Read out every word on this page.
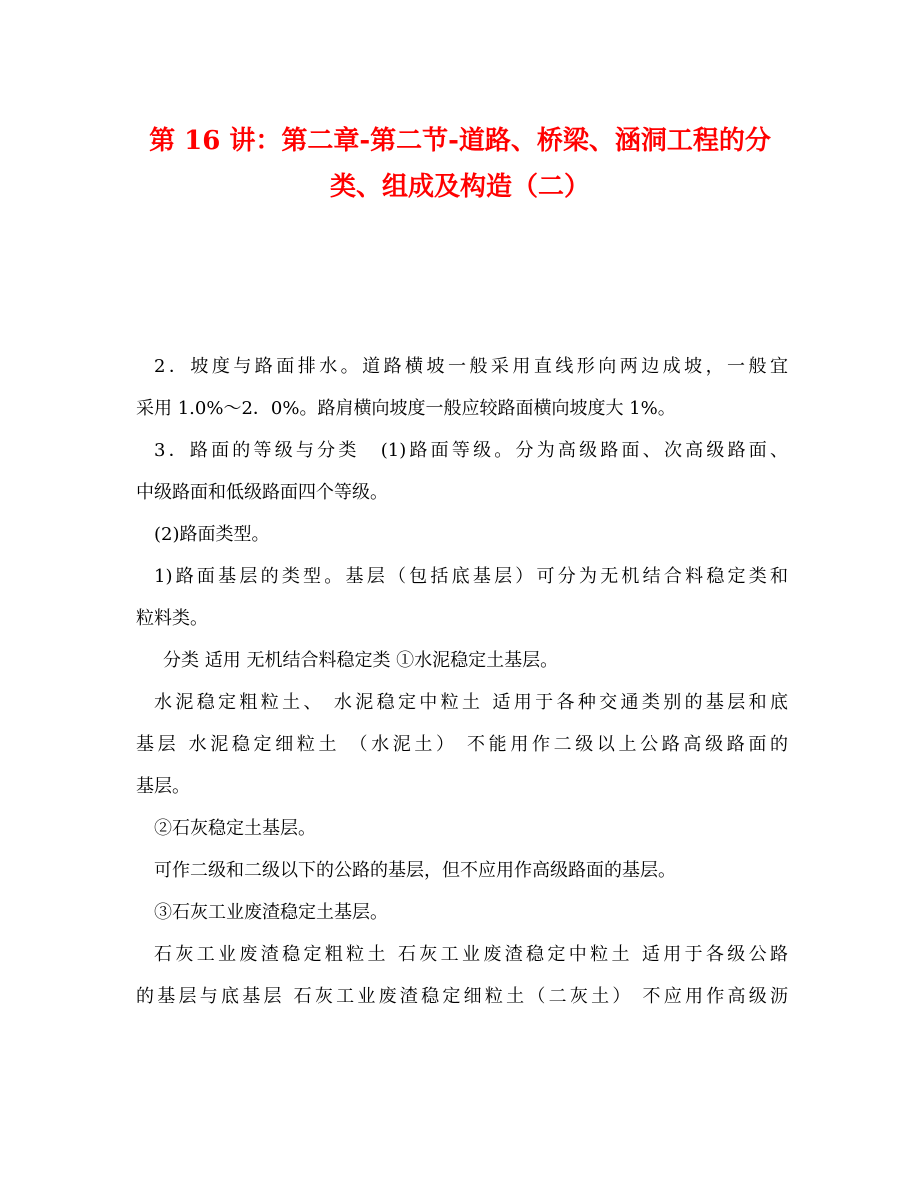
第 16 讲：第二章-第二节-道路、桥梁、涵洞工程的分
类、组成及构造（二）
2．坡度与路面排水。道路横坡一般采用直线形向两边成坡，一般宜
采用 1.0%～2．0%。路肩横向坡度一般应较路面横向坡度大 1%。
3．路面的等级与分类　(1)路面等级。分为高级路面、次高级路面、
中级路面和低级路面四个等级。
(2)路面类型。
1)路面基层的类型。基层（包括底基层）可分为无机结合料稳定类和
粒料类。
分类 适用 无机结合料稳定类 ①水泥稳定土基层。
水泥稳定粗粒土、 水泥稳定中粒土 适用于各种交通类别的基层和底
基层 水泥稳定细粒土 （水泥土） 不能用作二级以上公路高级路面的
基层。
②石灰稳定土基层。
可作二级和二级以下的公路的基层，但不应用作高级路面的基层。
③石灰工业废渣稳定土基层。
石灰工业废渣稳定粗粒土 石灰工业废渣稳定中粒土 适用于各级公路
的基层与底基层 石灰工业废渣稳定细粒土（二灰土） 不应用作高级沥
